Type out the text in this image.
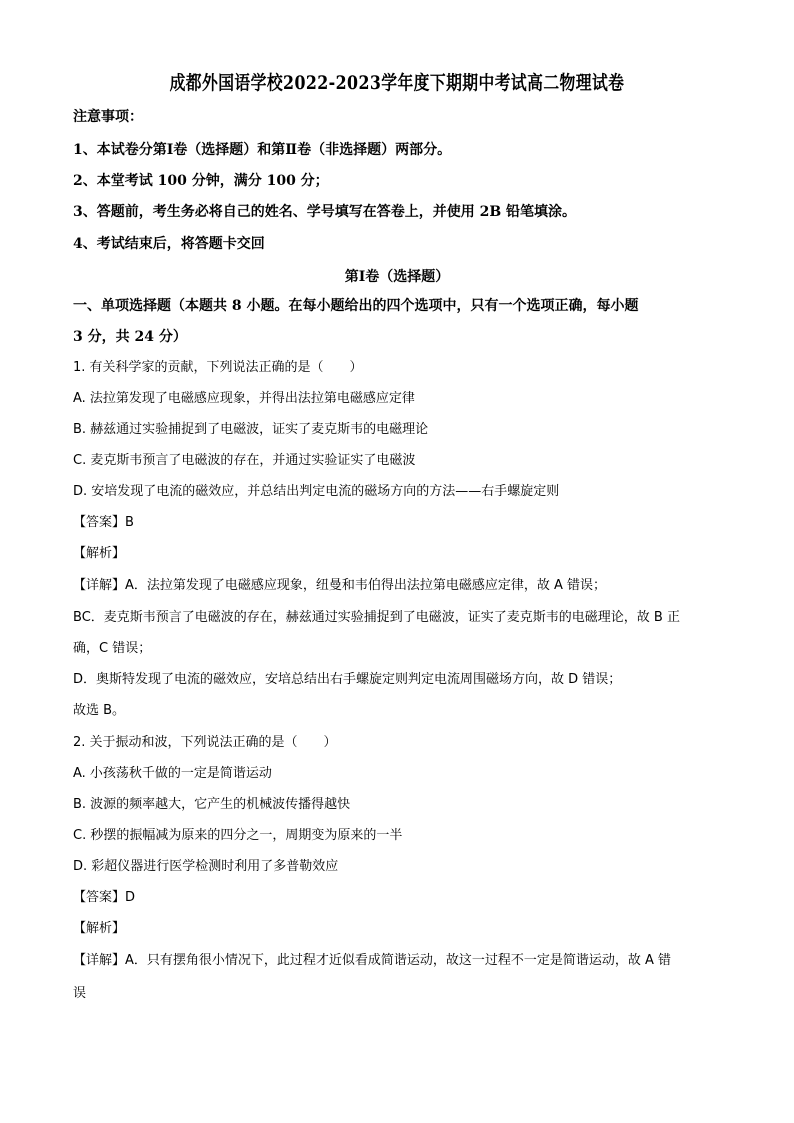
成都外国语学校2022-2023学年度下期期中考试高二物理试卷
注意事项：
1、本试卷分第Ⅰ卷（选择题）和第Ⅱ卷（非选择题）两部分。
2、本堂考试 100 分钟，满分 100 分；
3、答题前，考生务必将自己的姓名、学号填写在答卷上，并使用 2B 铅笔填涂。
4、考试结束后，将答题卡交回
第Ⅰ卷（选择题）
一、单项选择题（本题共 8 小题。在每小题给出的四个选项中，只有一个选项正确，每小题
3 分，共 24 分）
1. 有关科学家的贡献，下列说法正确的是（　　）
A. 法拉第发现了电磁感应现象，并得出法拉第电磁感应定律
B. 赫兹通过实验捕捉到了电磁波，证实了麦克斯韦的电磁理论
C. 麦克斯韦预言了电磁波的存在，并通过实验证实了电磁波
D. 安培发现了电流的磁效应，并总结出判定电流的磁场方向的方法——右手螺旋定则
【答案】B
【解析】
【详解】A．法拉第发现了电磁感应现象，纽曼和韦伯得出法拉第电磁感应定律，故 A 错误；
BC．麦克斯韦预言了电磁波的存在，赫兹通过实验捕捉到了电磁波，证实了麦克斯韦的电磁理论，故 B 正
确，C 错误；
D．奥斯特发现了电流的磁效应，安培总结出右手螺旋定则判定电流周围磁场方向，故 D 错误；
故选 B。
2. 关于振动和波，下列说法正确的是（　　）
A. 小孩荡秋千做的一定是简谐运动
B. 波源的频率越大，它产生的机械波传播得越快
C. 秒摆的振幅减为原来的四分之一，周期变为原来的一半
D. 彩超仪器进行医学检测时利用了多普勒效应
【答案】D
【解析】
【详解】A．只有摆角很小情况下，此过程才近似看成简谐运动，故这一过程不一定是简谐运动，故 A 错
误
